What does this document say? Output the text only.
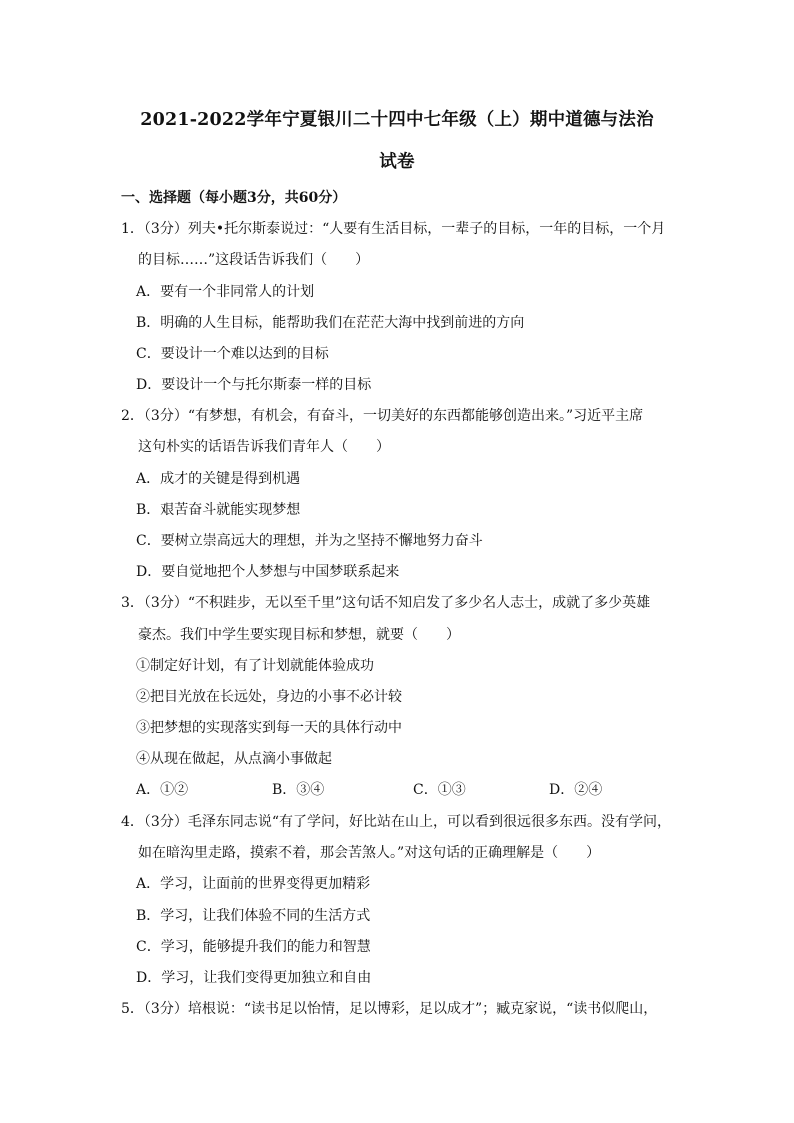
2021-2022学年宁夏银川二十四中七年级（上）期中道德与法治
试卷
一、选择题（每小题3分，共60分）
1．（3分）列夫•托尔斯泰说过：“人要有生活目标，一辈子的目标，一年的目标，一个月
的目标……”这段话告诉我们（　　）
A．要有一个非同常人的计划
B．明确的人生目标，能帮助我们在茫茫大海中找到前进的方向
C．要设计一个难以达到的目标
D．要设计一个与托尔斯泰一样的目标
2．（3分）“有梦想，有机会，有奋斗，一切美好的东西都能够创造出来。”习近平主席
这句朴实的话语告诉我们青年人（　　）
A．成才的关键是得到机遇
B．艰苦奋斗就能实现梦想
C．要树立崇高远大的理想，并为之坚持不懈地努力奋斗
D．要自觉地把个人梦想与中国梦联系起来
3．（3分）“不积跬步，无以至千里”这句话不知启发了多少名人志士，成就了多少英雄
豪杰。我们中学生要实现目标和梦想，就要（　　）
①制定好计划，有了计划就能体验成功
②把目光放在长远处，身边的小事不必计较
③把梦想的实现落实到每一天的具体行动中
④从现在做起，从点滴小事做起
A．①②	B．③④	C．①③	D．②④
4．（3分）毛泽东同志说“有了学问，好比站在山上，可以看到很远很多东西。没有学问，
如在暗沟里走路，摸索不着，那会苦煞人。”对这句话的正确理解是（　　）
A．学习，让面前的世界变得更加精彩
B．学习，让我们体验不同的生活方式
C．学习，能够提升我们的能力和智慧
D．学习，让我们变得更加独立和自由
5．（3分）培根说：“读书足以怡情，足以博彩，足以成才”；臧克家说，“读书似爬山，
